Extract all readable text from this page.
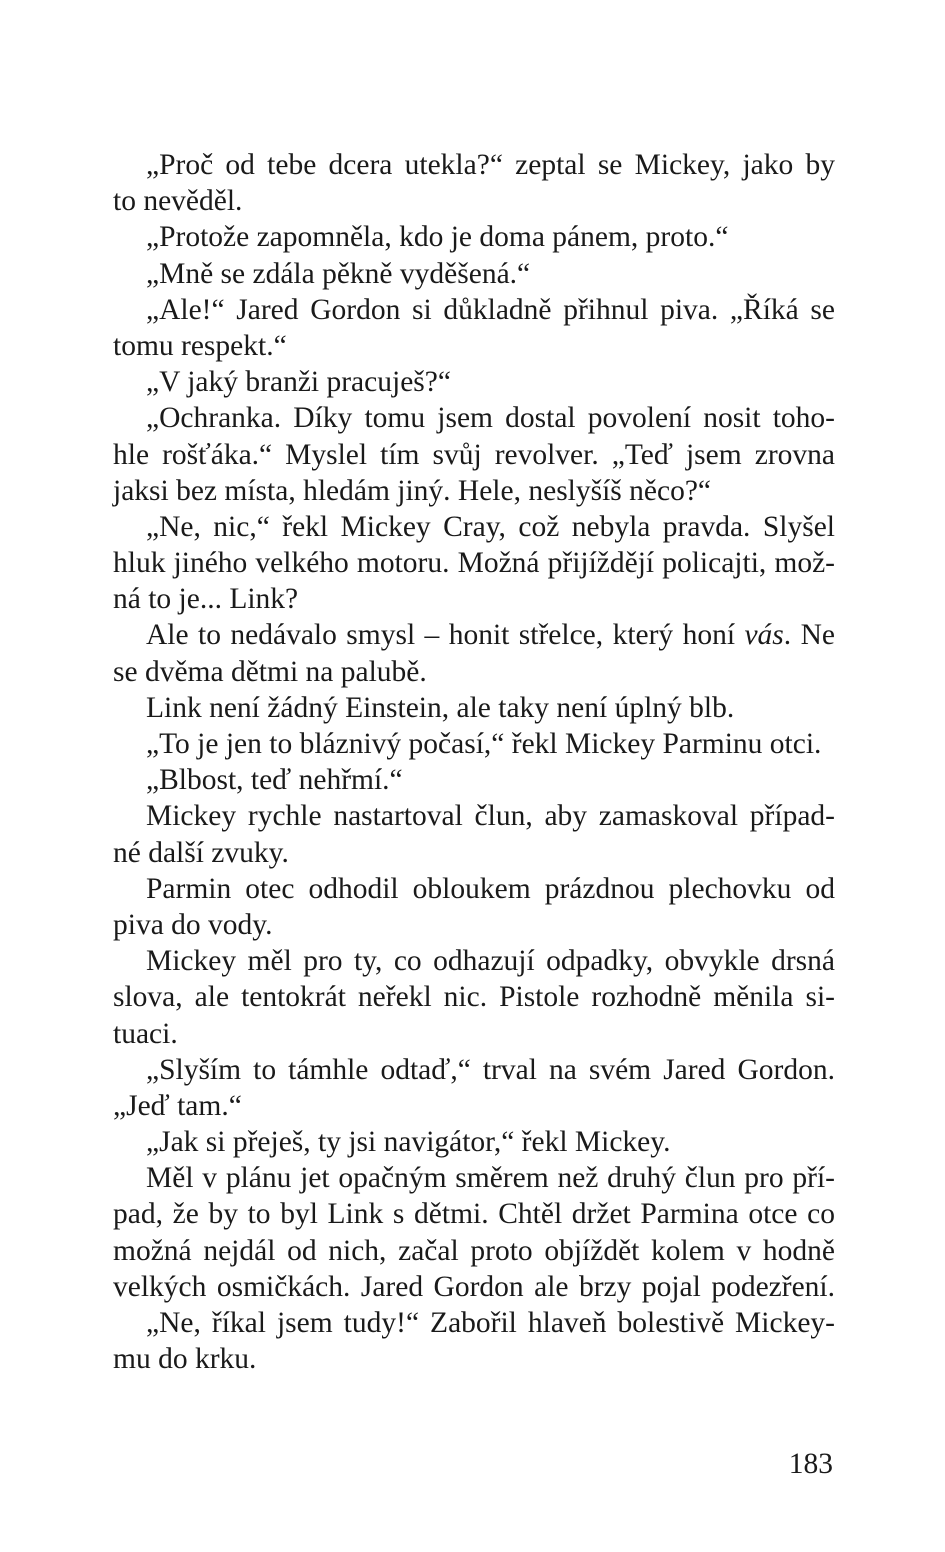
„Proč od tebe dcera utekla?“ zeptal se Mickey, jako by
to nevěděl.
„Protože zapomněla, kdo je doma pánem, proto.“
„Mně se zdála pěkně vyděšená.“
„Ale!“ Jared Gordon si důkladně přihnul piva. „Říká se
tomu respekt.“
„V jaký branži pracuješ?“
„Ochranka. Díky tomu jsem dostal povolení nosit toho-
hle rošťáka.“ Myslel tím svůj revolver. „Teď jsem zrovna
jaksi bez místa, hledám jiný. Hele, neslyšíš něco?“
„Ne, nic,“ řekl Mickey Cray, což nebyla pravda. Slyšel
hluk jiného velkého motoru. Možná přijíždějí policajti, mož-
ná to je... Link?
Ale to nedávalo smysl – honit střelce, který honí vás. Ne
se dvěma dětmi na palubě.
Link není žádný Einstein, ale taky není úplný blb.
„To je jen to bláznivý počasí,“ řekl Mickey Parminu otci.
„Blbost, teď nehřmí.“
Mickey rychle nastartoval člun, aby zamaskoval případ-
né další zvuky.
Parmin otec odhodil obloukem prázdnou plechovku od
piva do vody.
Mickey měl pro ty, co odhazují odpadky, obvykle drsná
slova, ale tentokrát neřekl nic. Pistole rozhodně měnila si-
tuaci.
„Slyším to támhle odtaď,“ trval na svém Jared Gordon.
„Jeď tam.“
„Jak si přeješ, ty jsi navigátor,“ řekl Mickey.
Měl v plánu jet opačným směrem než druhý člun pro pří-
pad, že by to byl Link s dětmi. Chtěl držet Parmina otce co
možná nejdál od nich, začal proto objíždět kolem v hodně
velkých osmičkách. Jared Gordon ale brzy pojal podezření.
„Ne, říkal jsem tudy!“ Zabořil hlaveň bolestivě Mickey-
mu do krku.
183
